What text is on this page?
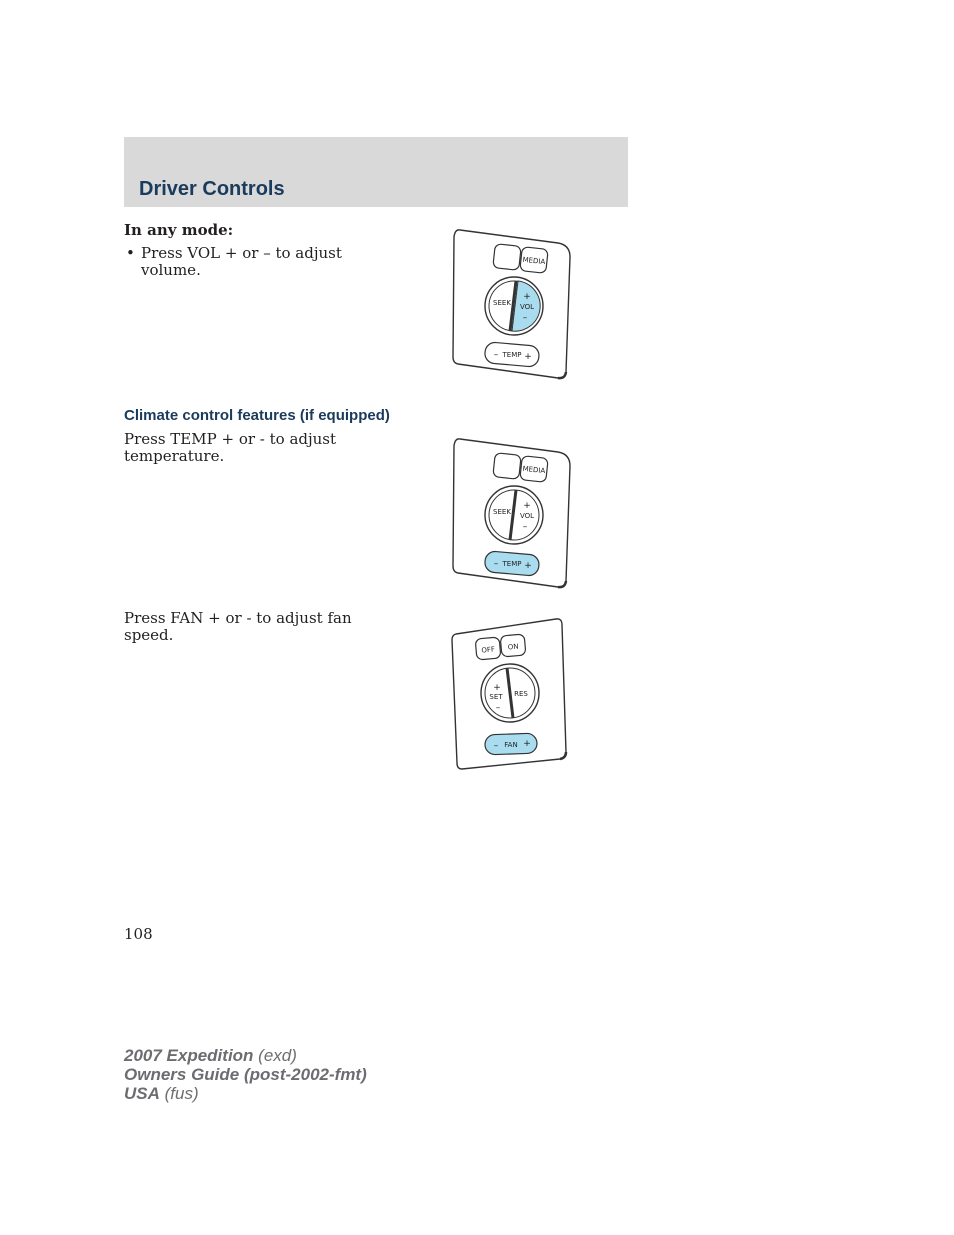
Driver Controls

In any mode:

• Press VOL + or – to adjust
volume.

Climate control features (if equipped)

Press TEMP + or - to adjust
temperature.

Press FAN + or - to adjust fan
speed.

MEDIA
SEEK VOL
+
–
– TEMP +
MEDIA
SEEK VOL
+
–
– TEMP +
OFF ON
+
SET
–
RES
– FAN +
108
2007 Expedition (exd)
Owners Guide (post-2002-fmt)
USA (fus)
